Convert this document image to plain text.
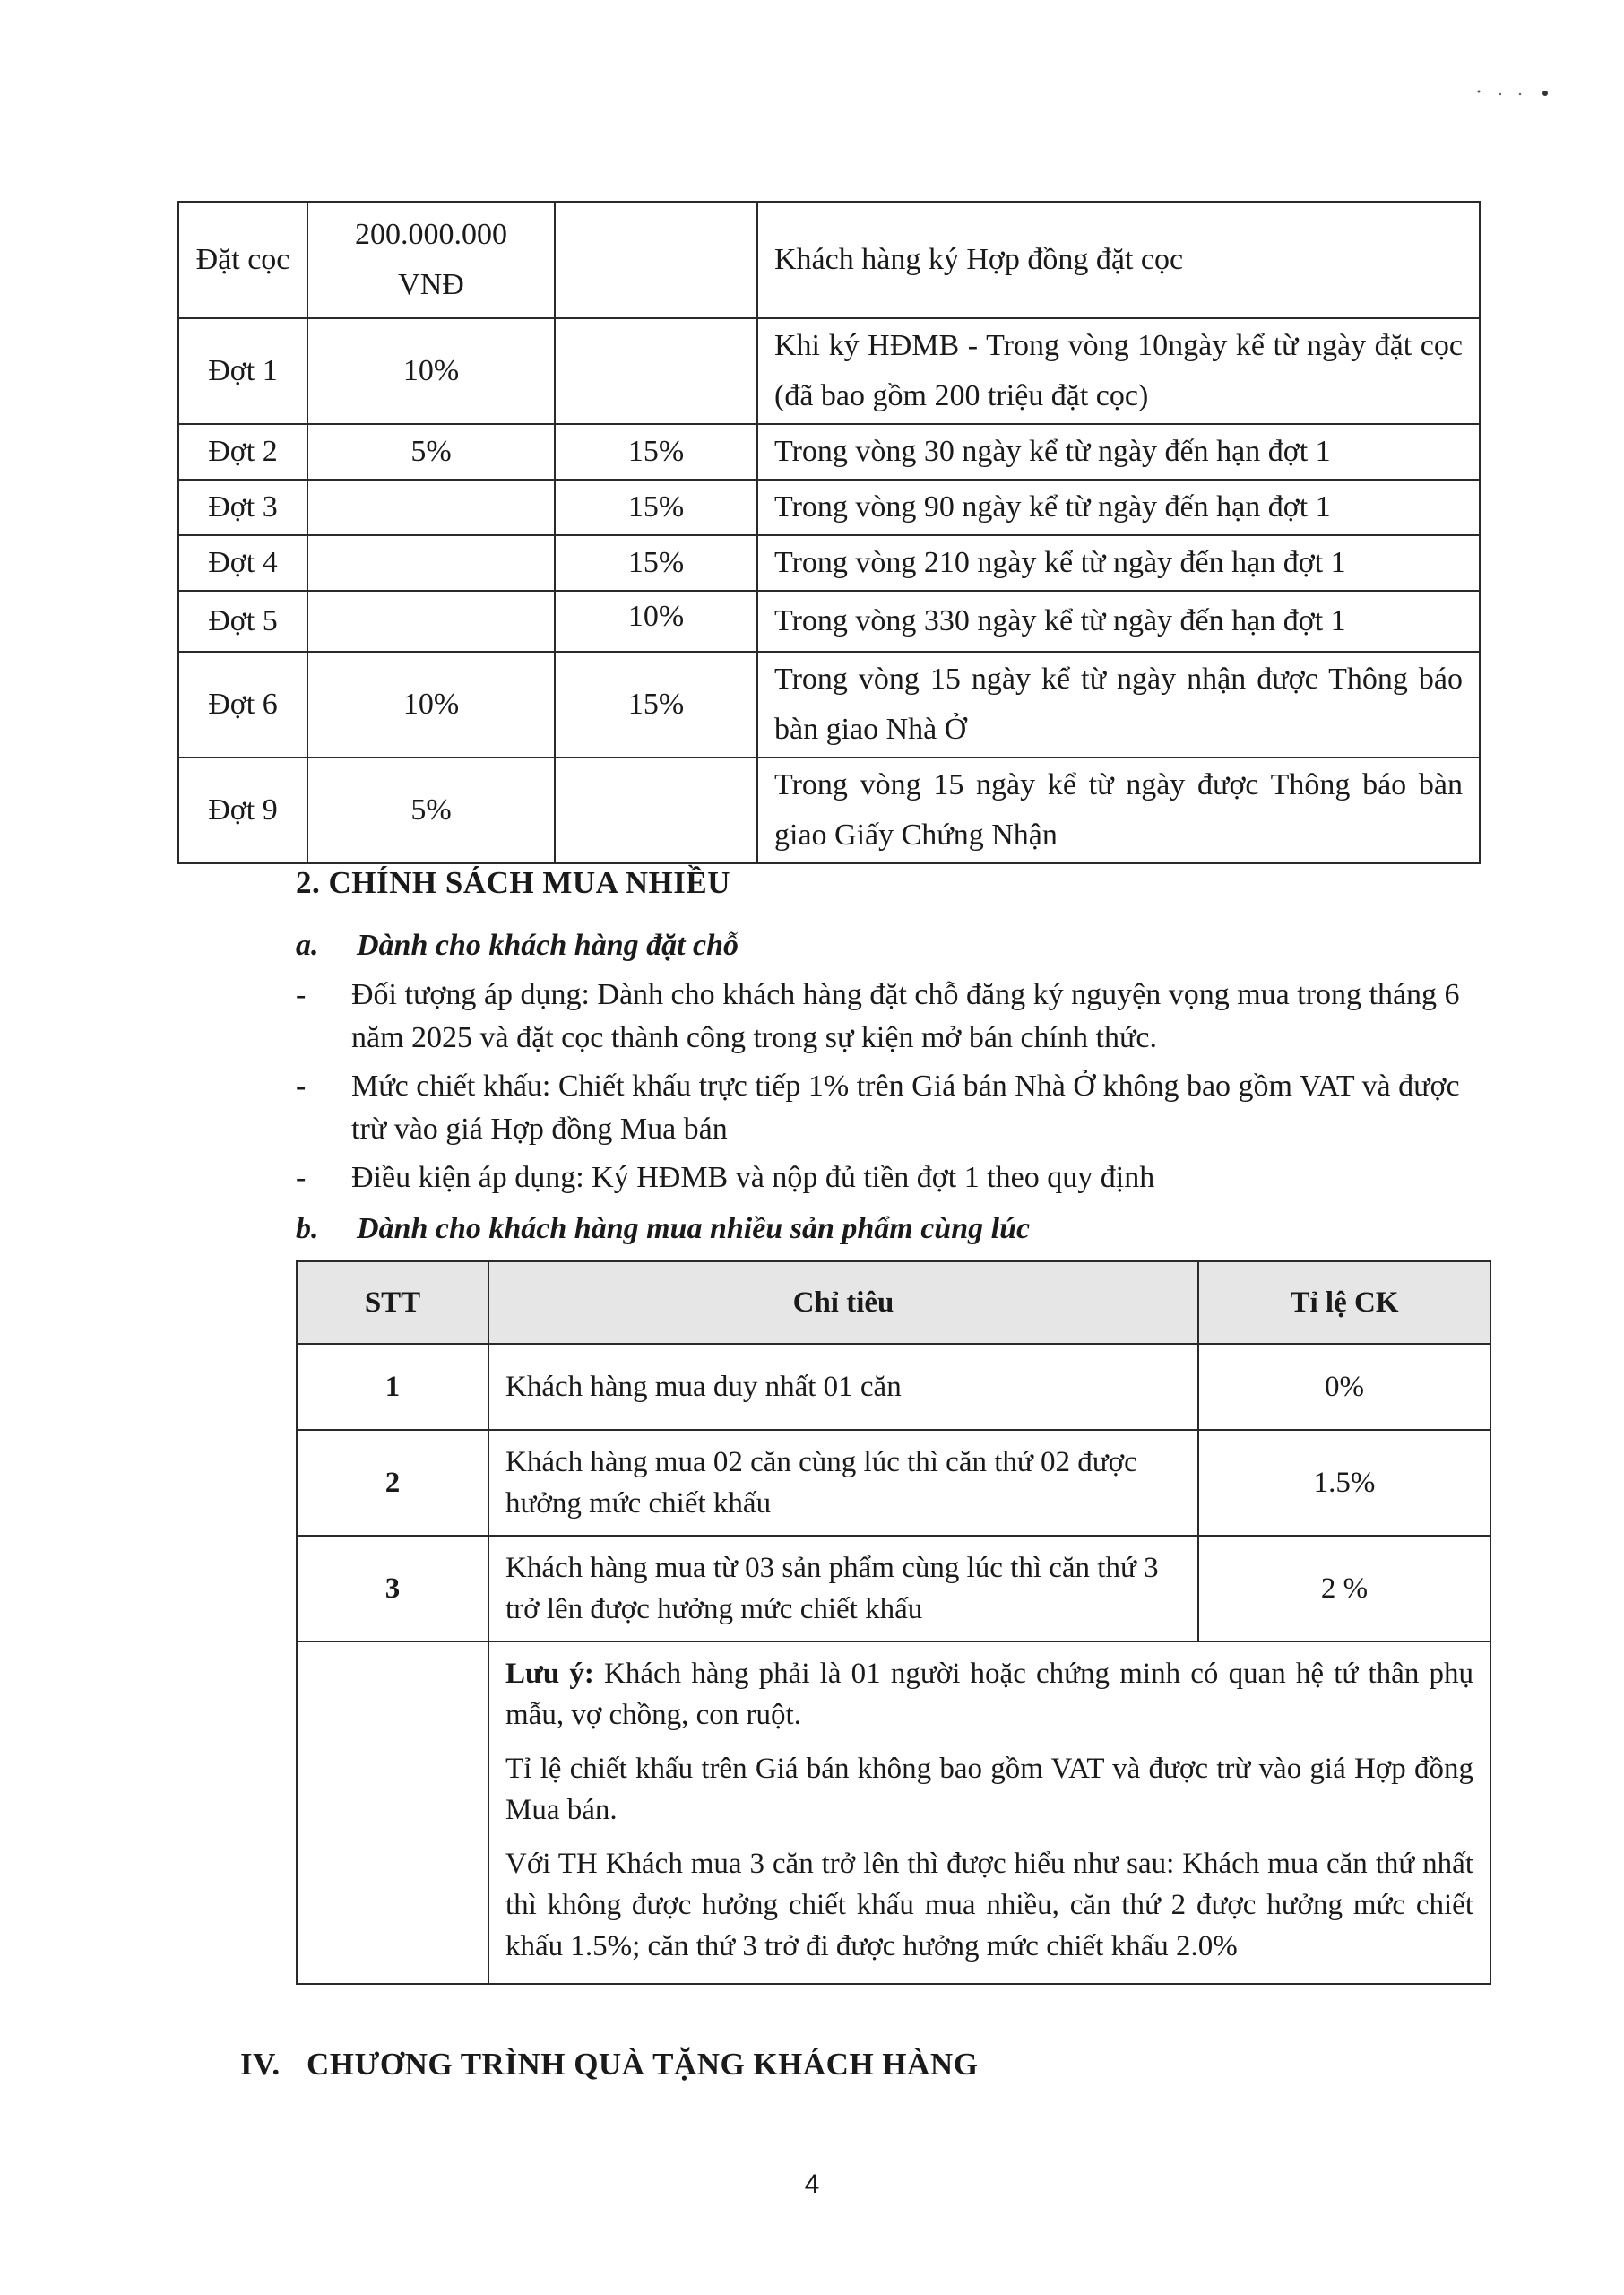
Đặt cọc	200.000.000 VNĐ		Khách hàng ký Hợp đồng đặt cọc
Đợt 1	10%		Khi ký HĐMB - Trong vòng 10ngày kể từ ngày đặt cọc (đã bao gồm 200 triệu đặt cọc)
Đợt 2	5%	15%	Trong vòng 30 ngày kể từ ngày đến hạn đợt 1
Đợt 3		15%	Trong vòng 90 ngày kể từ ngày đến hạn đợt 1
Đợt 4		15%	Trong vòng 210 ngày kể từ ngày đến hạn đợt 1
Đợt 5		10%	Trong vòng 330 ngày kể từ ngày đến hạn đợt 1
Đợt 6	10%	15%	Trong vòng 15 ngày kể từ ngày nhận được Thông báo bàn giao Nhà Ở
Đợt 9	5%		Trong vòng 15 ngày kể từ ngày được Thông báo bàn giao Giấy Chứng Nhận
2. CHÍNH SÁCH MUA NHIỀU
a. Dành cho khách hàng đặt chỗ
- Đối tượng áp dụng: Dành cho khách hàng đặt chỗ đăng ký nguyện vọng mua trong tháng 6 năm 2025 và đặt cọc thành công trong sự kiện mở bán chính thức.
- Mức chiết khấu: Chiết khấu trực tiếp 1% trên Giá bán Nhà Ở không bao gồm VAT và được trừ vào giá Hợp đồng Mua bán
- Điều kiện áp dụng: Ký HĐMB và nộp đủ tiền đợt 1 theo quy định
b. Dành cho khách hàng mua nhiều sản phẩm cùng lúc
STT	Chỉ tiêu	Tỉ lệ CK
1	Khách hàng mua duy nhất 01 căn	0%
2	Khách hàng mua 02 căn cùng lúc thì căn thứ 02 được hưởng mức chiết khấu	1.5%
3	Khách hàng mua từ 03 sản phẩm cùng lúc thì căn thứ 3 trở lên được hưởng mức chiết khấu	2 %

	Lưu ý: Khách hàng phải là 01 người hoặc chứng minh có quan hệ tứ thân phụ mẫu, vợ chồng, con ruột.

Tỉ lệ chiết khấu trên Giá bán không bao gồm VAT và được trừ vào giá Hợp đồng Mua bán.

Với TH Khách mua 3 căn trở lên thì được hiểu như sau: Khách mua căn thứ nhất thì không được hưởng chiết khấu mua nhiều, căn thứ 2 được hưởng mức chiết khấu 1.5%; căn thứ 3 trở đi được hưởng mức chiết khấu 2.0%	

IV. CHƯƠNG TRÌNH QUÀ TẶNG KHÁCH HÀNG
4
